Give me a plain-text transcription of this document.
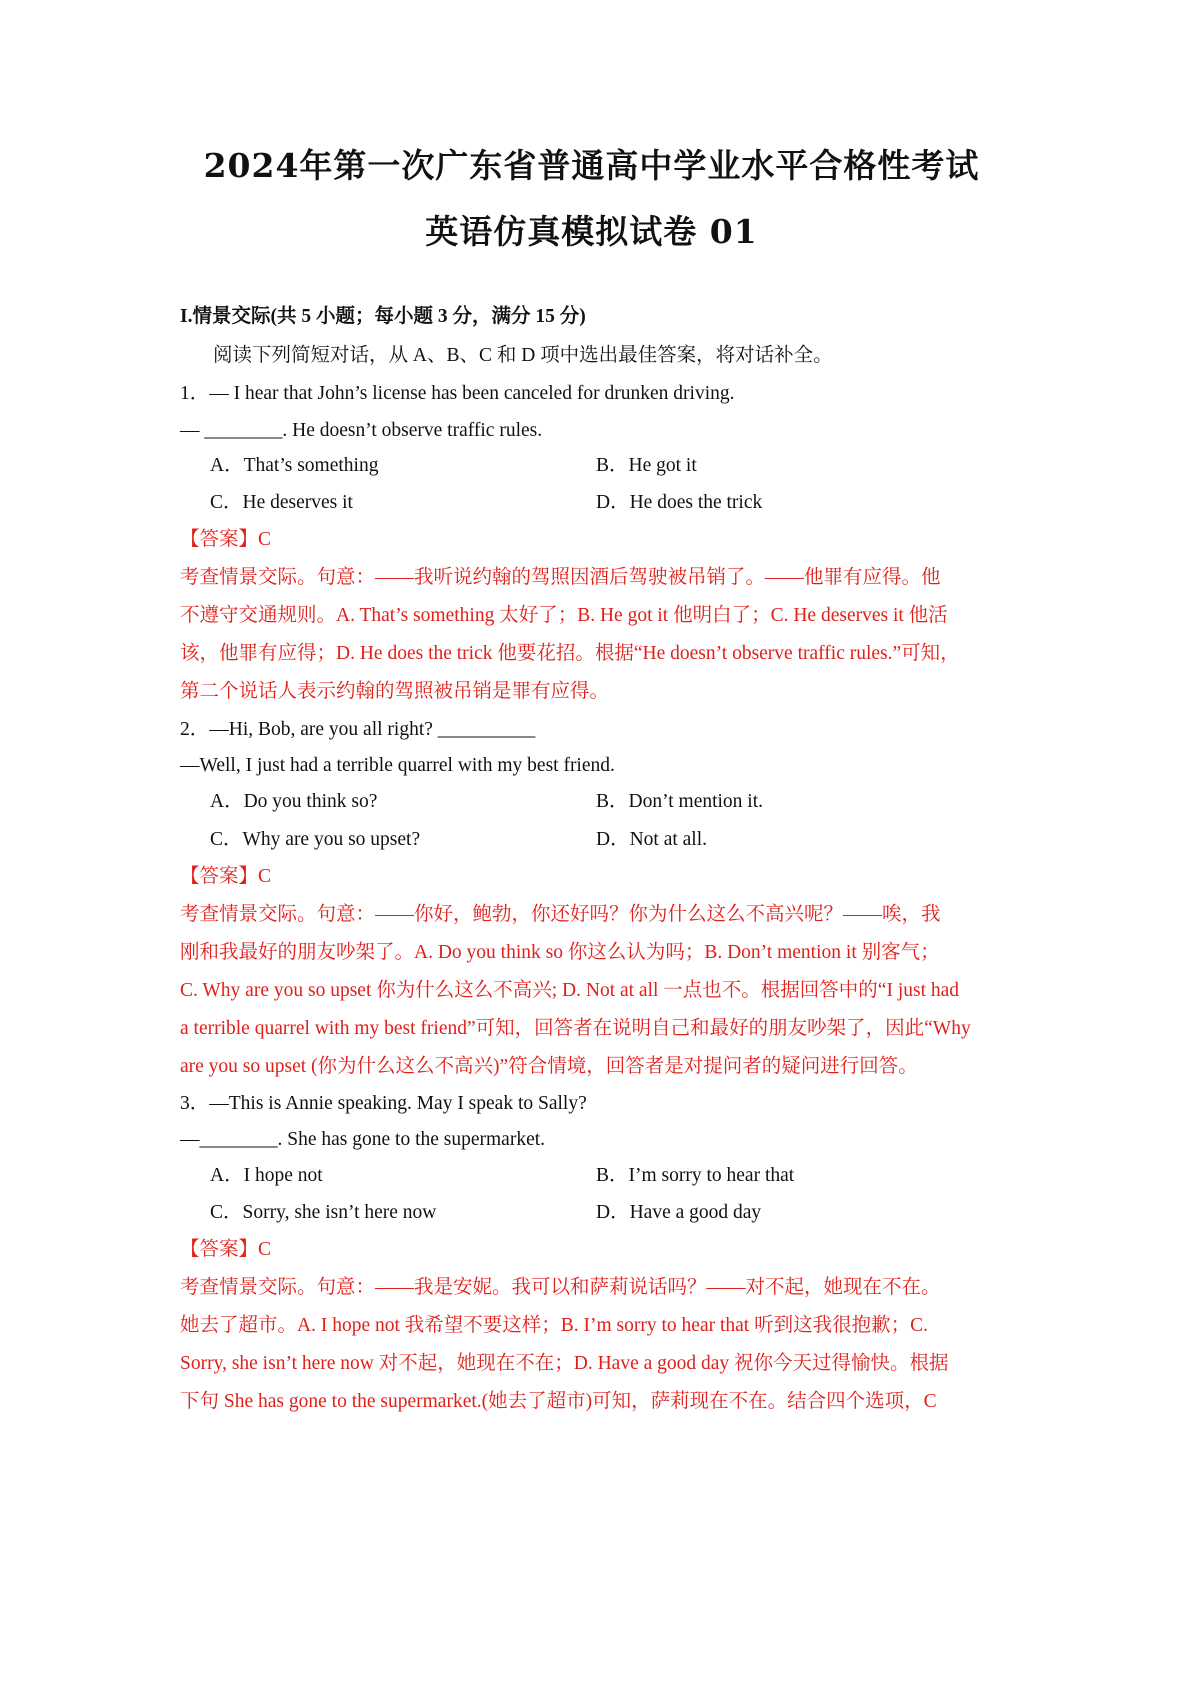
2024年第一次广东省普通高中学业水平合格性考试
英语仿真模拟试卷 01
I.情景交际(共 5 小题；每小题 3 分，满分 15 分)
阅读下列简短对话，从 A、B、C 和 D 项中选出最佳答案，将对话补全。
1．— I hear that John’s license has been canceled for drunken driving.
— ________. He doesn’t observe traffic rules.
A．That’s something	B．He got it
C．He deserves it	D．He does the trick
【答案】C
考查情景交际。句意：——我听说约翰的驾照因酒后驾驶被吊销了。——他罪有应得。他
不遵守交通规则。A. That’s something 太好了；B. He got it 他明白了；C. He deserves it 他活
该，他罪有应得；D. He does the trick 他要花招。根据“He doesn’t observe traffic rules.”可知，
第二个说话人表示约翰的驾照被吊销是罪有应得。
2．—Hi, Bob, are you all right? __________
—Well, I just had a terrible quarrel with my best friend.
A．Do you think so?	B．Don’t mention it.
C．Why are you so upset?	D．Not at all.
【答案】C
考查情景交际。句意：——你好，鲍勃，你还好吗？你为什么这么不高兴呢？——唉，我
刚和我最好的朋友吵架了。A. Do you think so 你这么认为吗；B. Don’t mention it 别客气；
C. Why are you so upset 你为什么这么不高兴; D. Not at all 一点也不。根据回答中的“I just had
a terrible quarrel with my best friend”可知，回答者在说明自己和最好的朋友吵架了，因此“Why
are you so upset (你为什么这么不高兴)”符合情境，回答者是对提问者的疑问进行回答。
3．—This is Annie speaking. May I speak to Sally?
—________. She has gone to the supermarket.
A．I hope not	B．I’m sorry to hear that
C．Sorry, she isn’t here now	D．Have a good day
【答案】C
考查情景交际。句意：——我是安妮。我可以和萨莉说话吗？——对不起，她现在不在。
她去了超市。A. I hope not 我希望不要这样；B. I’m sorry to hear that 听到这我很抱歉；C.
Sorry, she isn’t here now 对不起，她现在不在；D. Have a good day 祝你今天过得愉快。根据
下句 She has gone to the supermarket.(她去了超市)可知，萨莉现在不在。结合四个选项，C
